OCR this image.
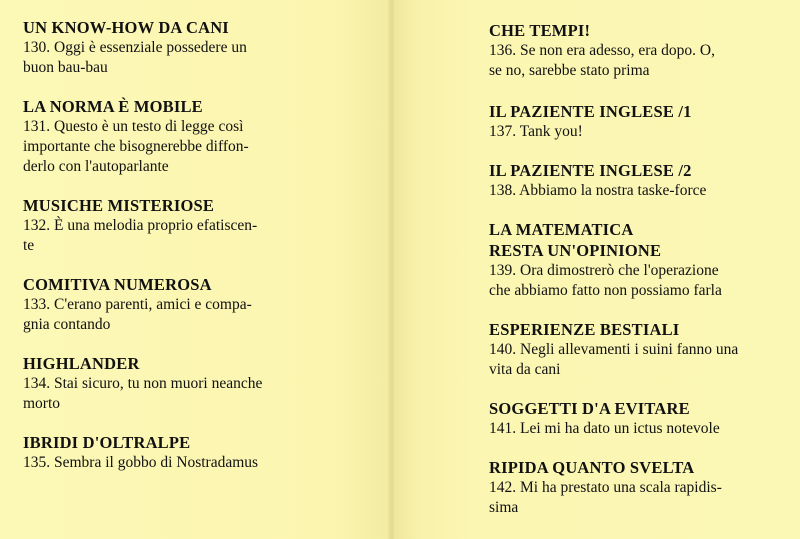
UN KNOW-HOW DA CANI
130. Oggi è essenziale possedere un
buon bau-bau
LA NORMA È MOBILE
131. Questo è un testo di legge così
importante che bisognerebbe diffon-
derlo con l'autoparlante
MUSICHE MISTERIOSE
132. È una melodia proprio efatiscen-
te
COMITIVA NUMEROSA
133. C'erano parenti, amici e compa-
gnia contando
HIGHLANDER
134. Stai sicuro, tu non muori neanche
morto
IBRIDI D'OLTRALPE
135. Sembra il gobbo di Nostradamus
CHE TEMPI!
136. Se non era adesso, era dopo. O,
se no, sarebbe stato prima
IL PAZIENTE INGLESE /1
137. Tank you!
IL PAZIENTE INGLESE /2
138. Abbiamo la nostra taske-force
LA MATEMATICA
RESTA UN'OPINIONE
139. Ora dimostrerò che l'operazione
che abbiamo fatto non possiamo farla
ESPERIENZE BESTIALI
140. Negli allevamenti i suini fanno una
vita da cani
SOGGETTI D'A EVITARE
141. Lei mi ha dato un ictus notevole
RIPIDA QUANTO SVELTA
142. Mi ha prestato una scala rapidis-
sima
